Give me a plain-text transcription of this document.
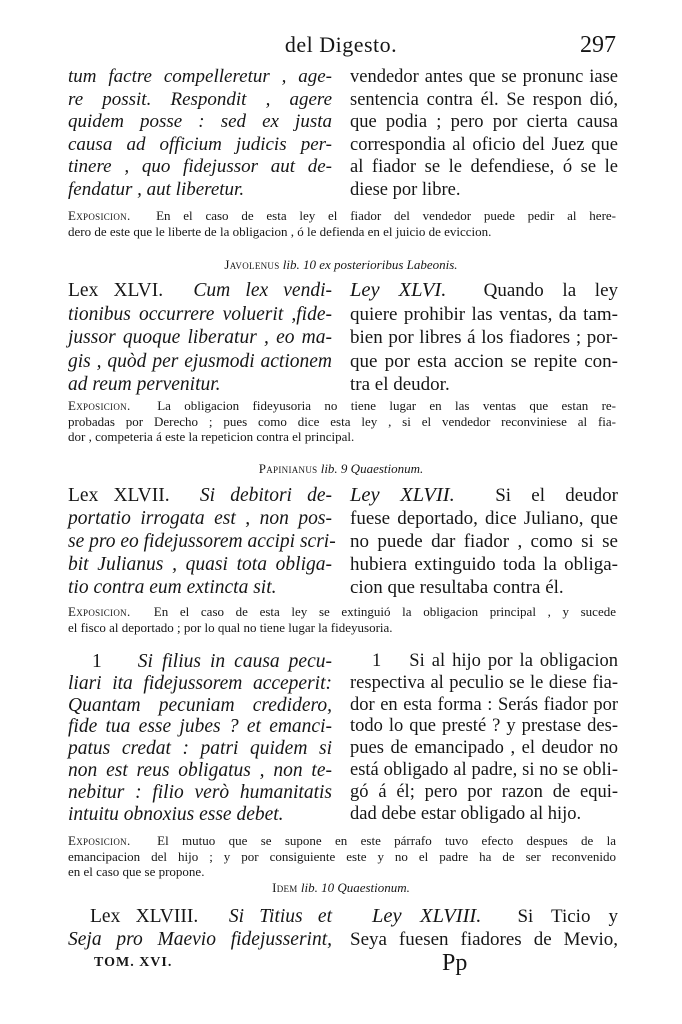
del Digesto.	297
tum factre compelleretur , age-
re possit. Respondit , agere
quidem posse : sed ex justa
causa ad officium judicis per-
tinere , quo fidejussor aut de-
fendatur , aut liberetur.
vendedor antes que se pronunc iase
sentencia contra él. Se respon dió,
que podia ; pero por cierta causa
correspondia al oficio del Juez que
al fiador se le defendiese, ó se le
diese por libre.
Exposicion. En el caso de esta ley el fiador del vendedor puede pedir al here-
dero de este que le liberte de la obligacion , ó le defienda en el juicio de eviccion.
Javolenus lib. 10 ex posterioribus Labeonis.
Lex XLVI. Cum lex vendi-
tionibus occurrere voluerit ,fide-
jussor quoque liberatur , eo ma-
gis , quòd per ejusmodi actionem
ad reum pervenitur.
Ley XLVI. Quando la ley
quiere prohibir las ventas, da tam-
bien por libres á los fiadores ; por-
que por esta accion se repite con-
tra el deudor.
Exposicion. La obligacion fideyusoria no tiene lugar en las ventas que estan re-
probadas por Derecho ; pues como dice esta ley , si el vendedor reconviniese al fia-
dor , competeria á este la repeticion contra el principal.
Papinianus lib. 9 Quaestionum.
Lex XLVII. Si debitori de-
portatio irrogata est , non pos-
se pro eo fidejussorem accipi scri-
bit Julianus , quasi tota obliga-
tio contra eum extincta sit.
Ley XLVII. Si el deudor
fuese deportado, dice Juliano, que
no puede dar fiador , como si se
hubiera extinguido toda la obliga-
cion que resultaba contra él.
Exposicion. En el caso de esta ley se extinguió la obligacion principal , y sucede
el fisco al deportado ; por lo qual no tiene lugar la fideyusoria.
1 Si filius in causa pecu-
liari ita fidejussorem acceperit:
Quantam pecuniam credidero,
fide tua esse jubes ? et emanci-
patus credat : patri quidem si
non est reus obligatus , non te-
nebitur : filio verò humanitatis
intuitu obnoxius esse debet.
1 Si al hijo por la obligacion
respectiva al peculio se le diese fia-
dor en esta forma : Serás fiador por
todo lo que presté ? y prestase des-
pues de emancipado , el deudor no
está obligado al padre, si no se obli-
gó á él; pero por razon de equi-
dad debe estar obligado al hijo.
Exposicion. El mutuo que se supone en este párrafo tuvo efecto despues de la
emancipacion del hijo ; y por consiguiente este y no el padre ha de ser reconvenido
en el caso que se propone.
Idem lib. 10 Quaestionum.
Lex XLVIII. Si Titius et
Seja pro Maevio fidejusserint,
Ley XLVIII. Si Ticio y
Seya fuesen fiadores de Mevio,
TOM. XVI.	Pp
